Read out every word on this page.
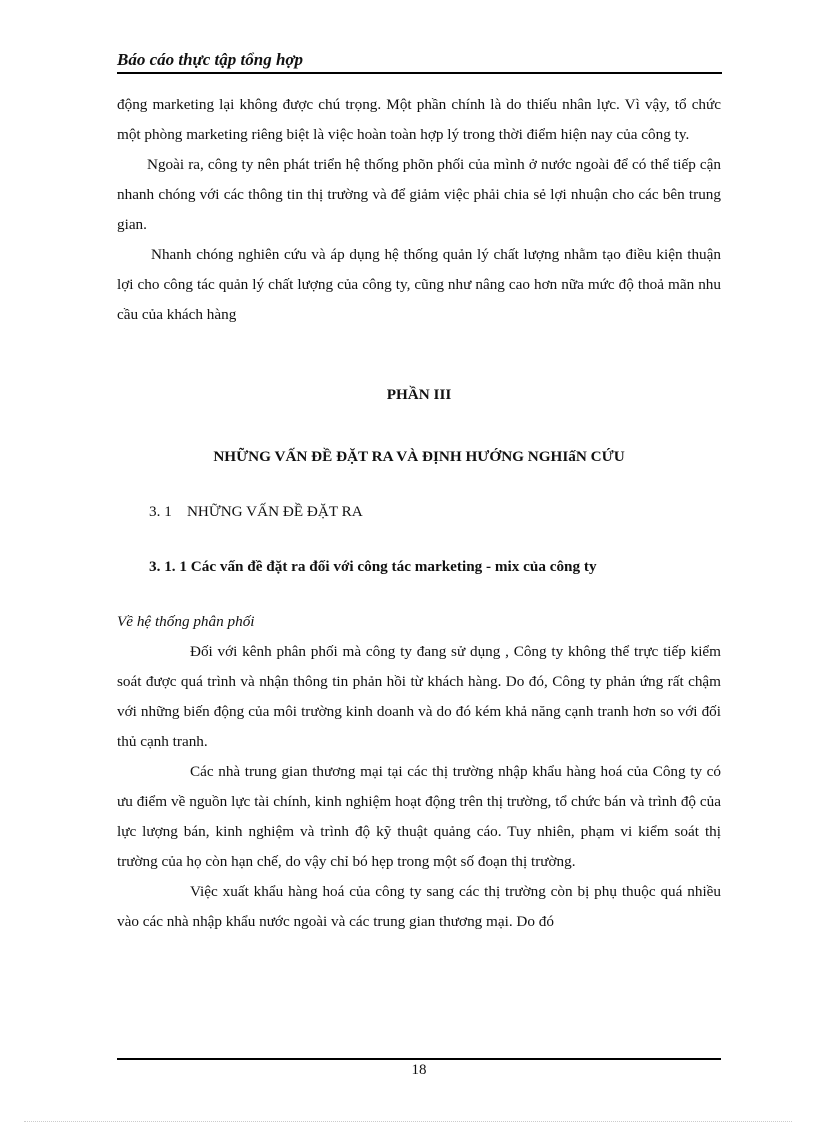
Báo cáo thực tập tổng hợp

động marketing lại không được chú trọng. Một phần chính là do thiếu nhân lực. Vì vậy, tổ chức một phòng marketing riêng biệt là việc hoàn toàn hợp lý trong thời điểm hiện nay của công ty.

Ngoài ra, công ty nên phát triển hệ thống phõn phối của mình ở nước ngoài để có thể tiếp cận nhanh chóng với các thông tin thị trường và để giảm việc phải chia sẻ lợi nhuận cho các bên trung gian.

Nhanh chóng nghiên cứu và áp dụng hệ thống quản lý chất lượng nhằm tạo điều kiện thuận lợi cho công tác quản lý chất lượng của công ty, cũng như nâng cao hơn nữa mức độ thoả mãn nhu cầu của khách hàng

PHẦN III

NHỮNG VẤN ĐỀ ĐẶT RA VÀ ĐỊNH HƯỚNG NGHIấN CỨU

3. 1    NHỮNG VẤN ĐỀ ĐẶT RA

3. 1. 1 Các vấn đề đặt ra đối với công tác marketing - mix của công ty

Về hệ thống phân phối

Đối với kênh phân phối mà công ty đang sử dụng , Công ty không thể trực tiếp kiểm soát được quá trình và nhận thông tin phản hồi từ khách hàng. Do đó, Công ty phản ứng rất chậm với những biến động của môi trường kinh doanh và do đó kém khả năng cạnh tranh hơn so với đối thủ cạnh tranh.

Các nhà trung gian thương mại tại các thị trường nhập khẩu hàng hoá của Công ty có ưu điểm về nguồn lực tài chính, kinh nghiệm hoạt động trên thị trường, tổ chức bán và trình độ của lực lượng bán, kinh nghiệm và trình độ kỹ thuật quảng cáo. Tuy nhiên, phạm vi kiểm soát thị trường của họ còn hạn chế, do vậy chỉ bó hẹp trong một số đoạn thị trường.

Việc xuất khẩu hàng hoá của công ty sang các thị trường còn bị phụ thuộc quá nhiều vào các nhà nhập khẩu nước ngoài và các trung gian thương mại. Do đó

18
